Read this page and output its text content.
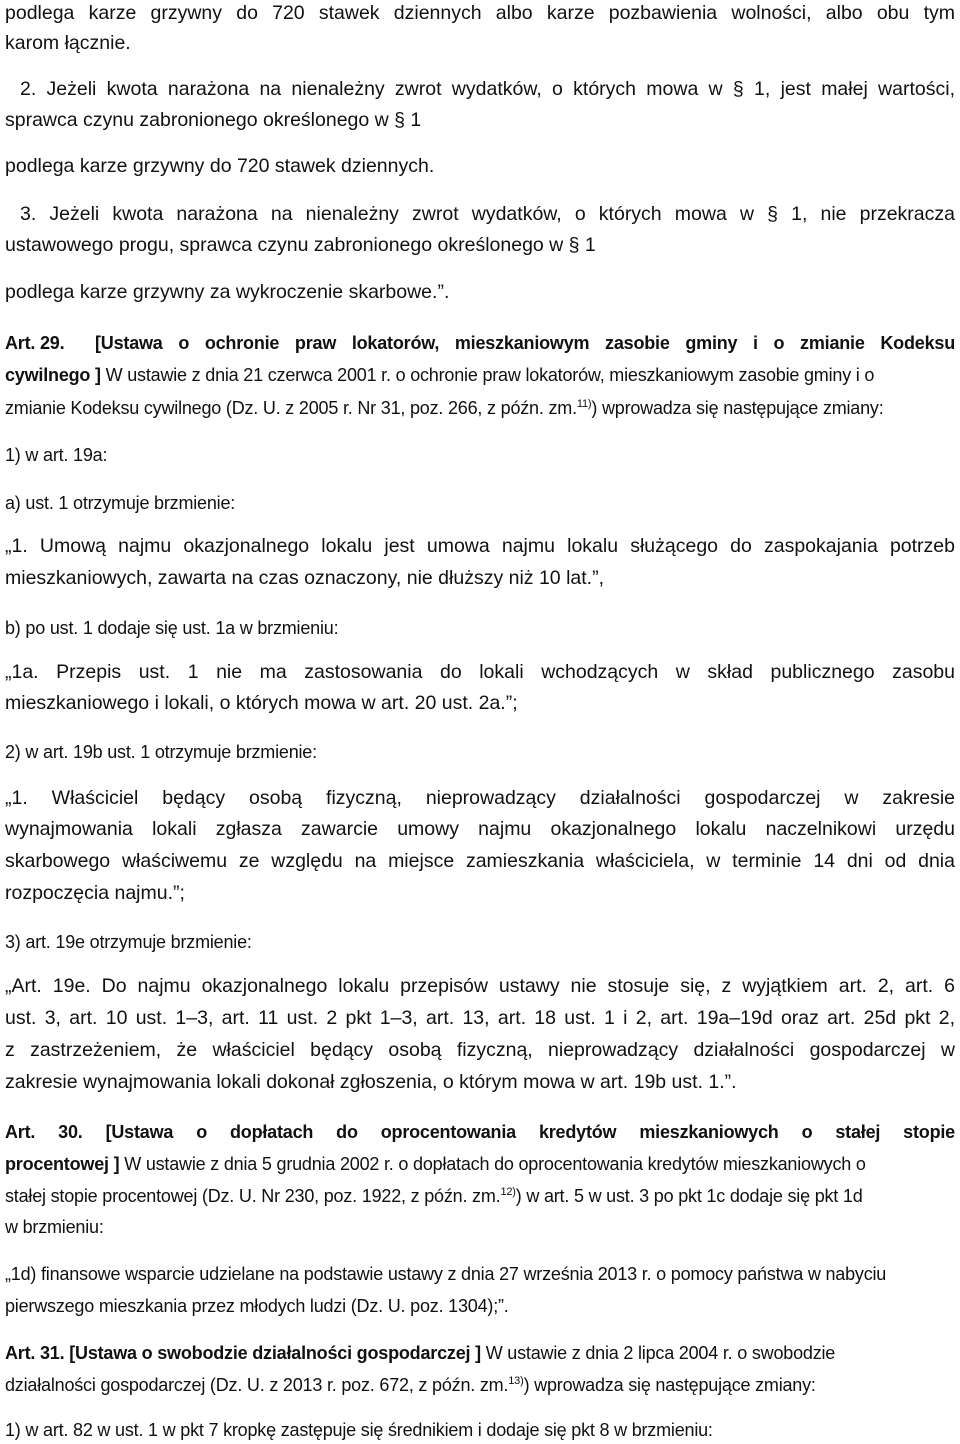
podlega karze grzywny do 720 stawek dziennych albo karze pozbawienia wolności, albo obu tym
karom łącznie.
2. Jeżeli kwota narażona na nienależny zwrot wydatków, o których mowa w § 1, jest małej wartości,
sprawca czynu zabronionego określonego w § 1
podlega karze grzywny do 720 stawek dziennych.
3. Jeżeli kwota narażona na nienależny zwrot wydatków, o których mowa w § 1, nie przekracza
ustawowego progu, sprawca czynu zabronionego określonego w § 1
podlega karze grzywny za wykroczenie skarbowe.”.
Art. 29.	[Ustawa o ochronie praw lokatorów, mieszkaniowym zasobie gminy i o zmianie Kodeksu
cywilnego ] W ustawie z dnia 21 czerwca 2001 r. o ochronie praw lokatorów, mieszkaniowym zasobie gminy i o
zmianie Kodeksu cywilnego (Dz. U. z 2005 r. Nr 31, poz. 266, z późn. zm.$^{11)}$) wprowadza się następujące zmiany:
1) w art. 19a:
a) ust. 1 otrzymuje brzmienie:
„1. Umową najmu okazjonalnego lokalu jest umowa najmu lokalu służącego do zaspokajania potrzeb
mieszkaniowych, zawarta na czas oznaczony, nie dłuższy niż 10 lat.”,
b) po ust. 1 dodaje się ust. 1a w brzmieniu:
„1a. Przepis ust. 1 nie ma zastosowania do lokali wchodzących w skład publicznego zasobu
mieszkaniowego i lokali, o których mowa w art. 20 ust. 2a.”;
2) w art. 19b ust. 1 otrzymuje brzmienie:
„1. Właściciel będący osobą fizyczną, nieprowadzący działalności gospodarczej w zakresie
wynajmowania lokali zgłasza zawarcie umowy najmu okazjonalnego lokalu naczelnikowi urzędu
skarbowego właściwemu ze względu na miejsce zamieszkania właściciela, w terminie 14 dni od dnia
rozpoczęcia najmu.”;
3) art. 19e otrzymuje brzmienie:
„Art. 19e. Do najmu okazjonalnego lokalu przepisów ustawy nie stosuje się, z wyjątkiem art. 2, art. 6
ust. 3, art. 10 ust. 1–3, art. 11 ust. 2 pkt 1–3, art. 13, art. 18 ust. 1 i 2, art. 19a–19d oraz art. 25d pkt 2,
z zastrzeżeniem, że właściciel będący osobą fizyczną, nieprowadzący działalności gospodarczej w
zakresie wynajmowania lokali dokonał zgłoszenia, o którym mowa w art. 19b ust. 1.”.
Art. 30. [Ustawa o dopłatach do oprocentowania kredytów mieszkaniowych o stałej stopie
procentowej ] W ustawie z dnia 5 grudnia 2002 r. o dopłatach do oprocentowania kredytów mieszkaniowych o
stałej stopie procentowej (Dz. U. Nr 230, poz. 1922, z późn. zm.$^{12)}$) w art. 5 w ust. 3 po pkt 1c dodaje się pkt 1d
w brzmieniu:
„1d) finansowe wsparcie udzielane na podstawie ustawy z dnia 27 września 2013 r. o pomocy państwa w nabyciu
pierwszego mieszkania przez młodych ludzi (Dz. U. poz. 1304);”.
Art. 31. [Ustawa o swobodzie działalności gospodarczej ] W ustawie z dnia 2 lipca 2004 r. o swobodzie
działalności gospodarczej (Dz. U. z 2013 r. poz. 672, z późn. zm.$^{13)}$) wprowadza się następujące zmiany:
1) w art. 82 w ust. 1 w pkt 7 kropkę zastępuje się średnikiem i dodaje się pkt 8 w brzmieniu:
